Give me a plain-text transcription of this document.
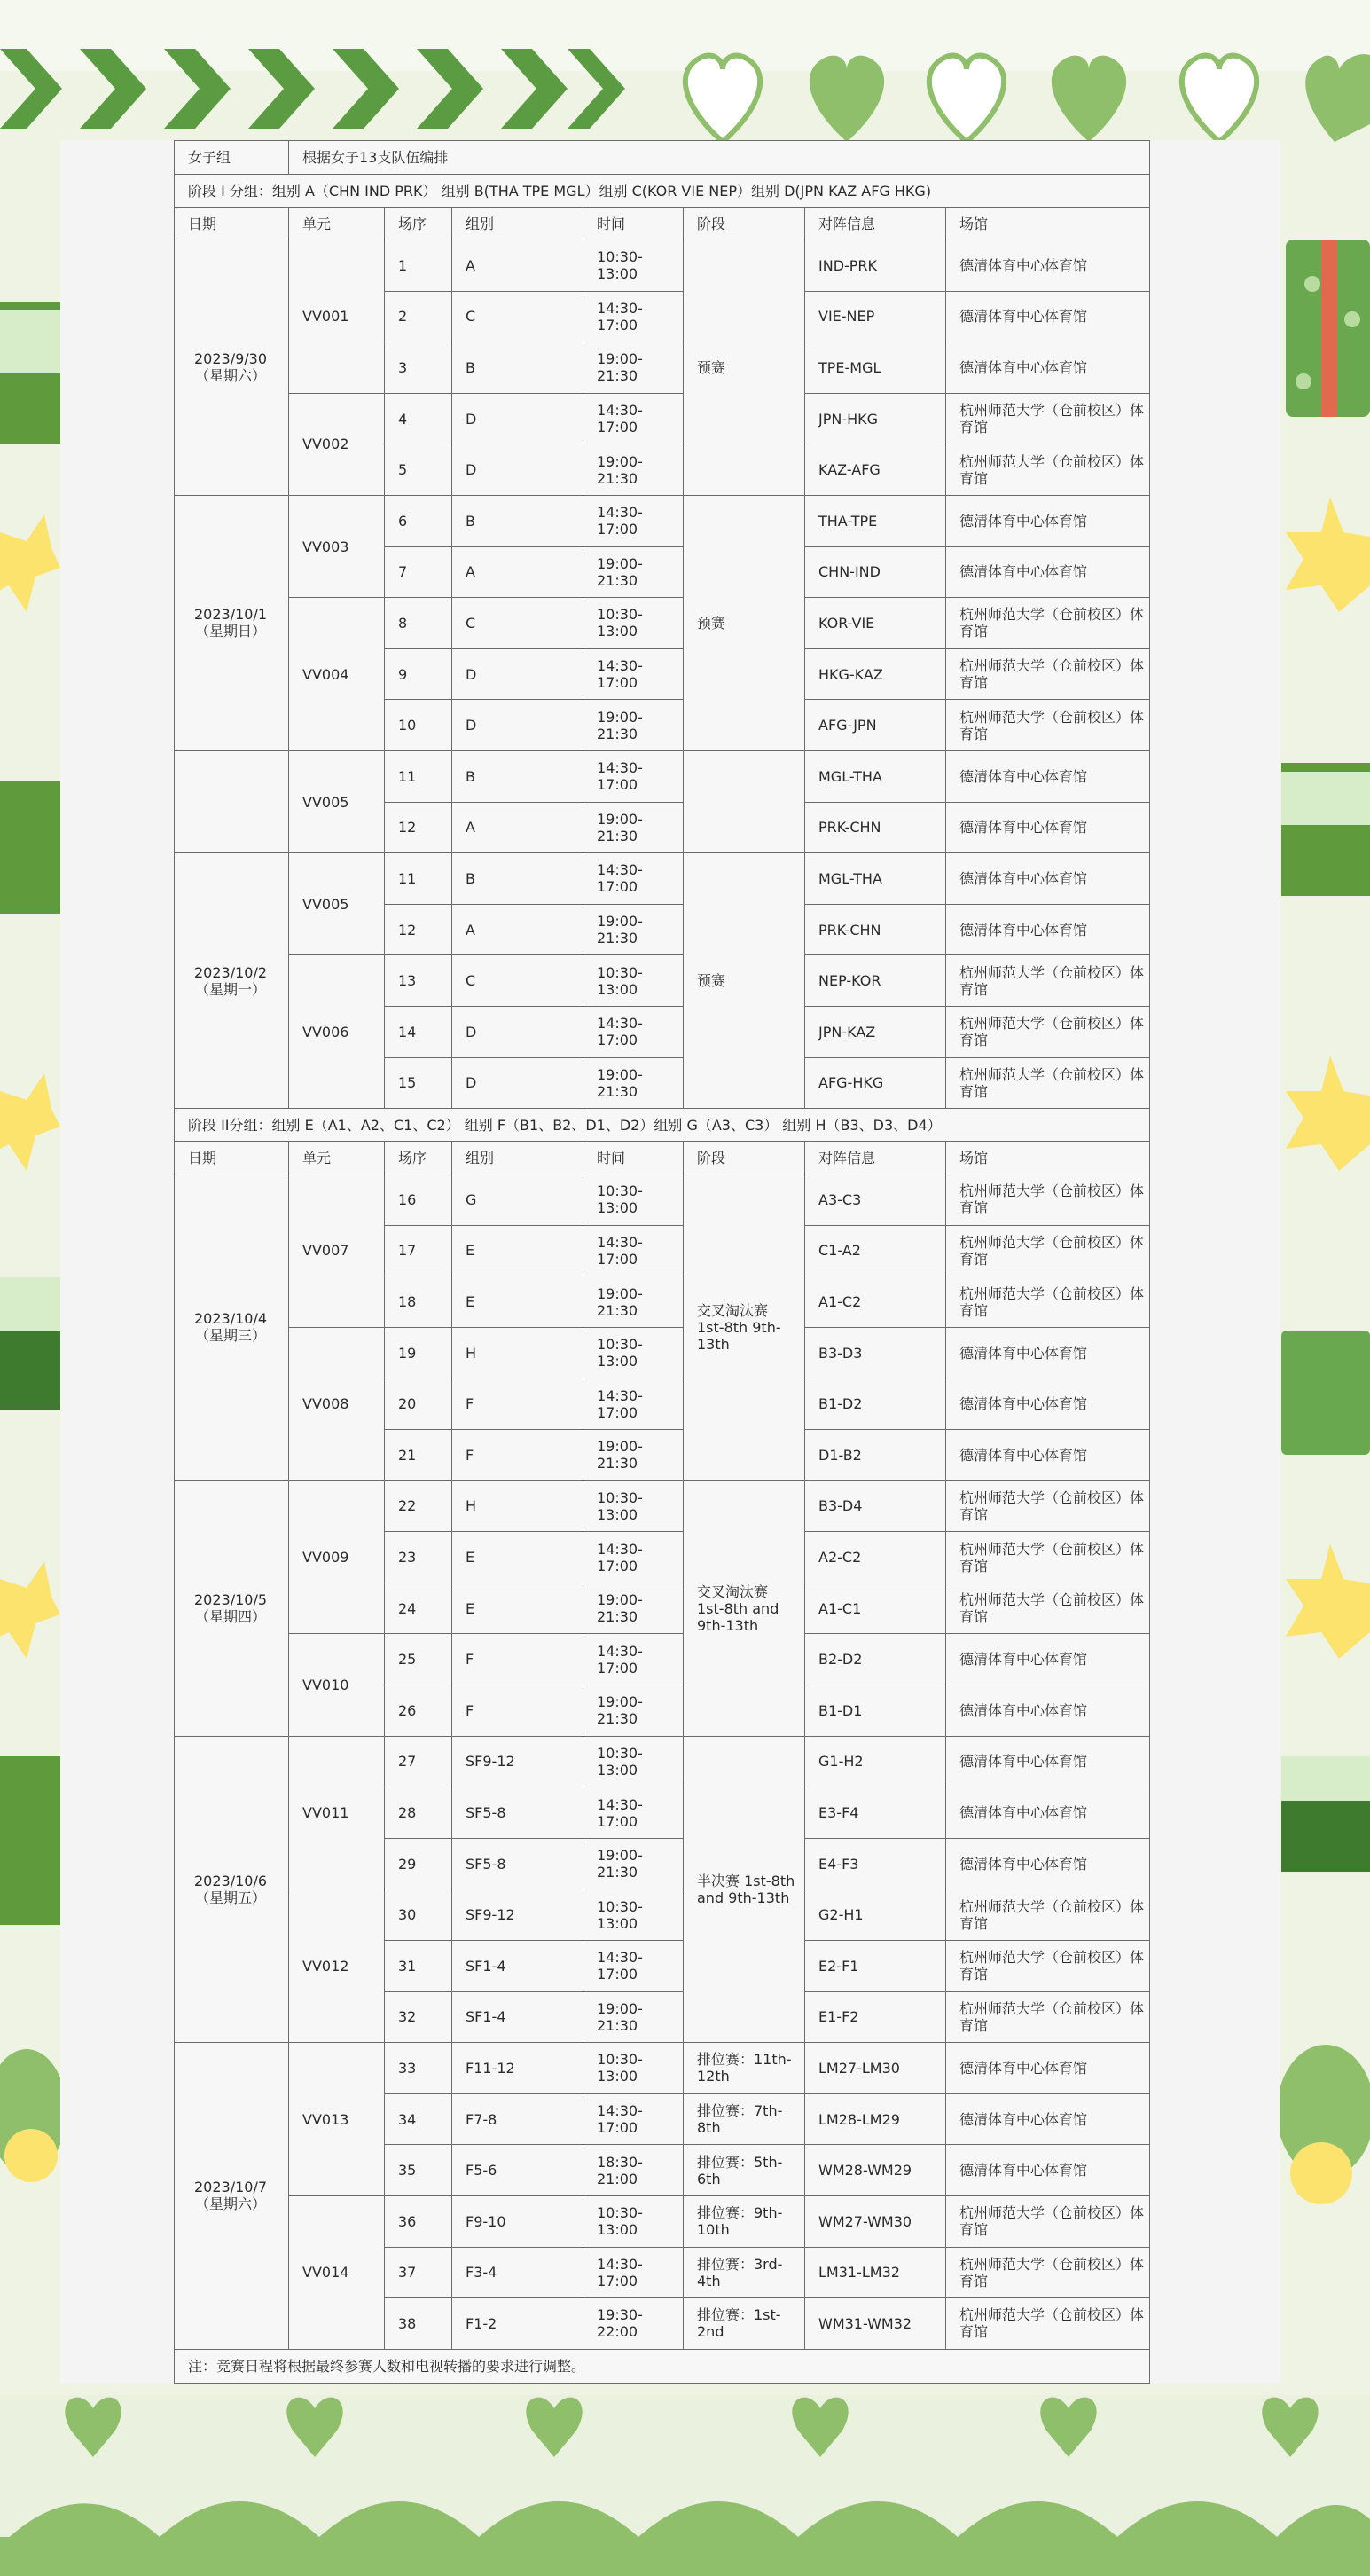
女子组	根据女子13支队伍编排						
阶段 I 分组：组别 A（CHN IND PRK） 组别 B(THA TPE MGL）组别 C(KOR VIE NEP）组别 D(JPN KAZ AFG HKG)							
日期	单元	场序	组别	时间	阶段	对阵信息	场馆

2023/9/30
（星期六）	VV001	1	A	10:30-13:00	预赛	IND-PRK	德清体育中心体育馆
		2	C	14:30-17:00		VIE-NEP	德清体育中心体育馆
		3	B	19:00-21:30		TPE-MGL	德清体育中心体育馆
	VV002	4	D	14:30-17:00		JPN-HKG	杭州师范大学（仓前校区）体育馆
		5	D	19:00-21:30		KAZ-AFG	杭州师范大学（仓前校区）体育馆

2023/10/1
（星期日）	VV003	6	B	14:30-17:00	预赛	THA-TPE	德清体育中心体育馆
		7	A	19:00-21:30		CHN-IND	德清体育中心体育馆
	VV004	8	C	10:30-13:00		KOR-VIE	杭州师范大学（仓前校区）体育馆
		9	D	14:30-17:00		HKG-KAZ	杭州师范大学（仓前校区）体育馆
		10	D	19:00-21:30		AFG-JPN	杭州师范大学（仓前校区）体育馆

	VV005	11	B	14:30-17:00		MGL-THA	德清体育中心体育馆
		12	A	19:00-21:30		PRK-CHN	德清体育中心体育馆

2023/10/2
（星期一）	VV005	11	B	14:30-17:00	预赛	MGL-THA	德清体育中心体育馆
		12	A	19:00-21:30		PRK-CHN	德清体育中心体育馆
	VV006	13	C	10:30-13:00		NEP-KOR	杭州师范大学（仓前校区）体育馆
		14	D	14:30-17:00		JPN-KAZ	杭州师范大学（仓前校区）体育馆
		15	D	19:00-21:30		AFG-HKG	杭州师范大学（仓前校区）体育馆
阶段 II分组：组别 E（A1、A2、C1、C2） 组别 F（B1、B2、D1、D2）组别 G（A3、C3） 组别 H（B3、D3、D4）							
日期	单元	场序	组别	时间	阶段	对阵信息	场馆

2023/10/4
（星期三）	VV007	16	G	10:30-13:00	交叉淘汰赛 1st-8th 9th-13th	A3-C3	杭州师范大学（仓前校区）体育馆
		17	E	14:30-17:00		C1-A2	杭州师范大学（仓前校区）体育馆
		18	E	19:00-21:30		A1-C2	杭州师范大学（仓前校区）体育馆
	VV008	19	H	10:30-13:00		B3-D3	德清体育中心体育馆
		20	F	14:30-17:00		B1-D2	德清体育中心体育馆
		21	F	19:00-21:30		D1-B2	德清体育中心体育馆

2023/10/5
（星期四）	VV009	22	H	10:30-13:00	交叉淘汰赛 1st-8th and 9th-13th	B3-D4	杭州师范大学（仓前校区）体育馆
		23	E	14:30-17:00		A2-C2	杭州师范大学（仓前校区）体育馆
		24	E	19:00-21:30		A1-C1	杭州师范大学（仓前校区）体育馆
	VV010	25	F	14:30-17:00		B2-D2	德清体育中心体育馆
		26	F	19:00-21:30		B1-D1	德清体育中心体育馆

2023/10/6
（星期五）	VV011	27	SF9-12	10:30-13:00	半决赛 1st-8th and 9th-13th	G1-H2	德清体育中心体育馆
		28	SF5-8	14:30-17:00		E3-F4	德清体育中心体育馆
		29	SF5-8	19:00-21:30		E4-F3	德清体育中心体育馆
	VV012	30	SF9-12	10:30-13:00		G2-H1	杭州师范大学（仓前校区）体育馆
		31	SF1-4	14:30-17:00		E2-F1	杭州师范大学（仓前校区）体育馆
		32	SF1-4	19:00-21:30		E1-F2	杭州师范大学（仓前校区）体育馆

2023/10/7
（星期六）	VV013	33	F11-12	10:30-13:00	排位赛：11th-12th	LM27-LM30	德清体育中心体育馆
		34	F7-8	14:30-17:00	排位赛：7th-8th	LM28-LM29	德清体育中心体育馆
		35	F5-6	18:30-21:00	排位赛：5th-6th	WM28-WM29	德清体育中心体育馆
	VV014	36	F9-10	10:30-13:00	排位赛：9th-10th	WM27-WM30	杭州师范大学（仓前校区）体育馆
		37	F3-4	14:30-17:00	排位赛：3rd-4th	LM31-LM32	杭州师范大学（仓前校区）体育馆
		38	F1-2	19:30-22:00	排位赛：1st-2nd	WM31-WM32	杭州师范大学（仓前校区）体育馆
注：竞赛日程将根据最终参赛人数和电视转播的要求进行调整。							
